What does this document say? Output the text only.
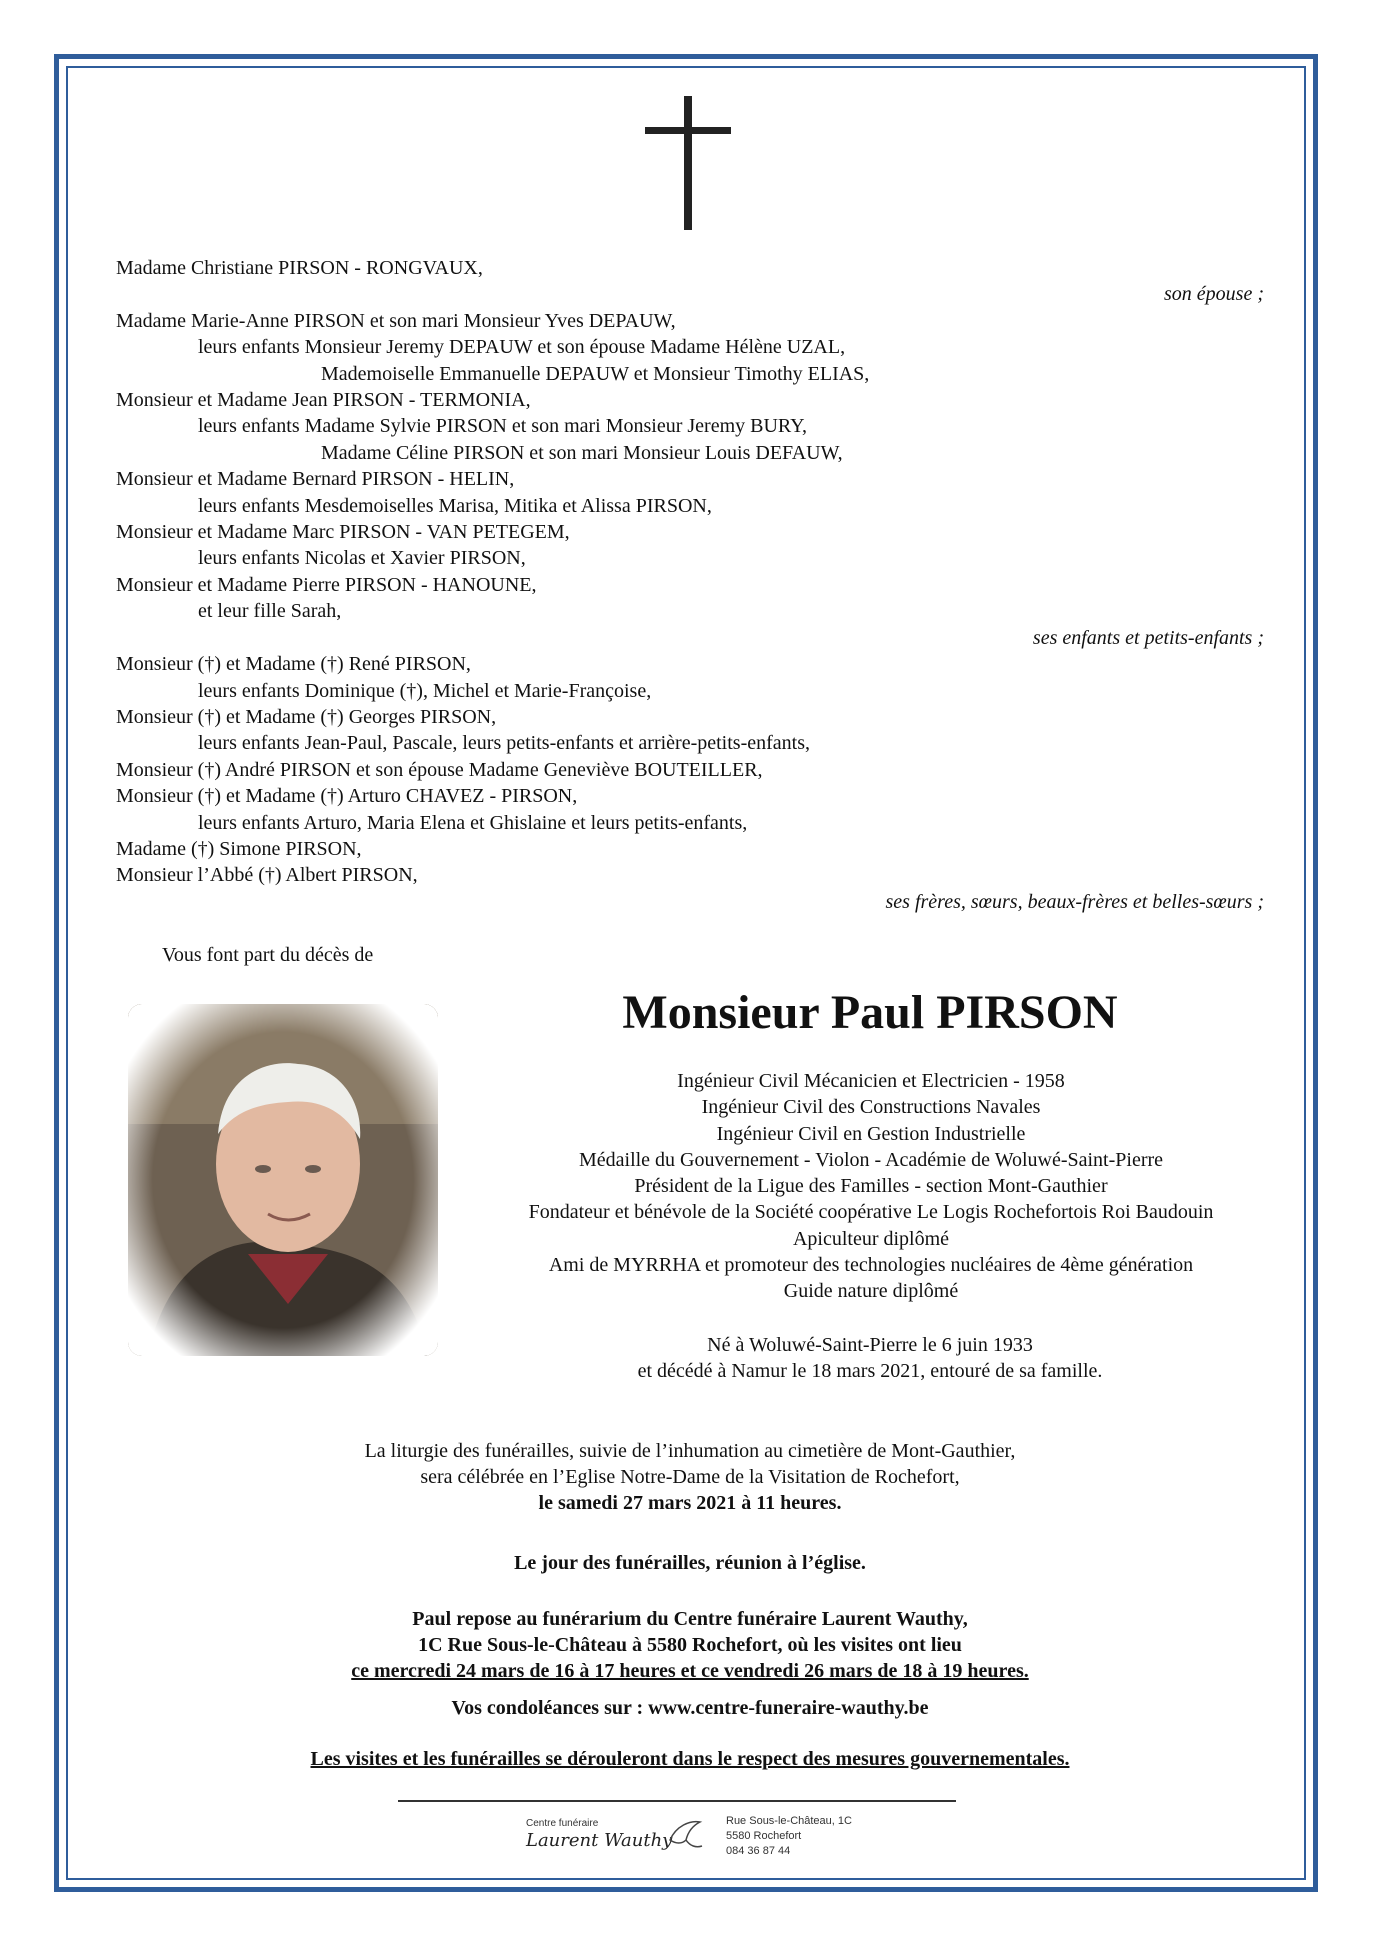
Madame Christiane PIRSON - RONGVAUX,
son épouse ;
Madame Marie-Anne PIRSON et son mari Monsieur Yves DEPAUW,
leurs enfants Monsieur Jeremy DEPAUW et son épouse Madame Hélène UZAL,
Mademoiselle Emmanuelle DEPAUW et Monsieur Timothy ELIAS,
Monsieur et Madame Jean PIRSON - TERMONIA,
leurs enfants Madame Sylvie PIRSON et son mari Monsieur Jeremy BURY,
Madame Céline PIRSON et son mari Monsieur Louis DEFAUW,
Monsieur et Madame Bernard PIRSON - HELIN,
leurs enfants Mesdemoiselles Marisa, Mitika et Alissa PIRSON,
Monsieur et Madame Marc PIRSON - VAN PETEGEM,
leurs enfants Nicolas et Xavier PIRSON,
Monsieur et Madame Pierre PIRSON - HANOUNE,
et leur fille Sarah,
ses enfants et petits-enfants ;
Monsieur (†) et Madame (†) René PIRSON,
leurs enfants Dominique (†), Michel et Marie-Françoise,
Monsieur (†) et Madame (†) Georges PIRSON,
leurs enfants Jean-Paul, Pascale, leurs petits-enfants et arrière-petits-enfants,
Monsieur (†) André PIRSON et son épouse Madame Geneviève BOUTEILLER,
Monsieur (†) et Madame (†) Arturo CHAVEZ - PIRSON,
leurs enfants Arturo, Maria Elena et Ghislaine et leurs petits-enfants,
Madame (†) Simone PIRSON,
Monsieur l’Abbé (†) Albert PIRSON,
ses frères, sœurs, beaux-frères et belles-sœurs ;
Vous font part du décès de
Monsieur Paul PIRSON
Ingénieur Civil Mécanicien et Electricien - 1958
Ingénieur Civil des Constructions Navales
Ingénieur Civil en Gestion Industrielle
Médaille du Gouvernement - Violon - Académie de Woluwé-Saint-Pierre
Président de la Ligue des Familles - section Mont-Gauthier
Fondateur et bénévole de la Société coopérative Le Logis Rochefortois Roi Baudouin
Apiculteur diplômé
Ami de MYRRHA et promoteur des technologies nucléaires de 4ème génération
Guide nature diplômé
Né à Woluwé-Saint-Pierre le 6 juin 1933
et décédé à Namur le 18 mars 2021, entouré de sa famille.
La liturgie des funérailles, suivie de l’inhumation au cimetière de Mont-Gauthier,
sera célébrée en l’Eglise Notre-Dame de la Visitation de Rochefort,
le samedi 27 mars 2021 à 11 heures.
Le jour des funérailles, réunion à l’église.
Paul repose au funérarium du Centre funéraire Laurent Wauthy,
1C Rue Sous-le-Château à 5580 Rochefort, où les visites ont lieu
ce mercredi 24 mars de 16 à 17 heures et ce vendredi 26 mars de 18 à 19 heures.
Vos condoléances sur : www.centre-funeraire-wauthy.be
Les visites et les funérailles se dérouleront dans le respect des mesures gouvernementales.
Centre funéraire
Laurent Wauthy
Rue Sous-le-Château, 1C
5580 Rochefort
084 36 87 44
